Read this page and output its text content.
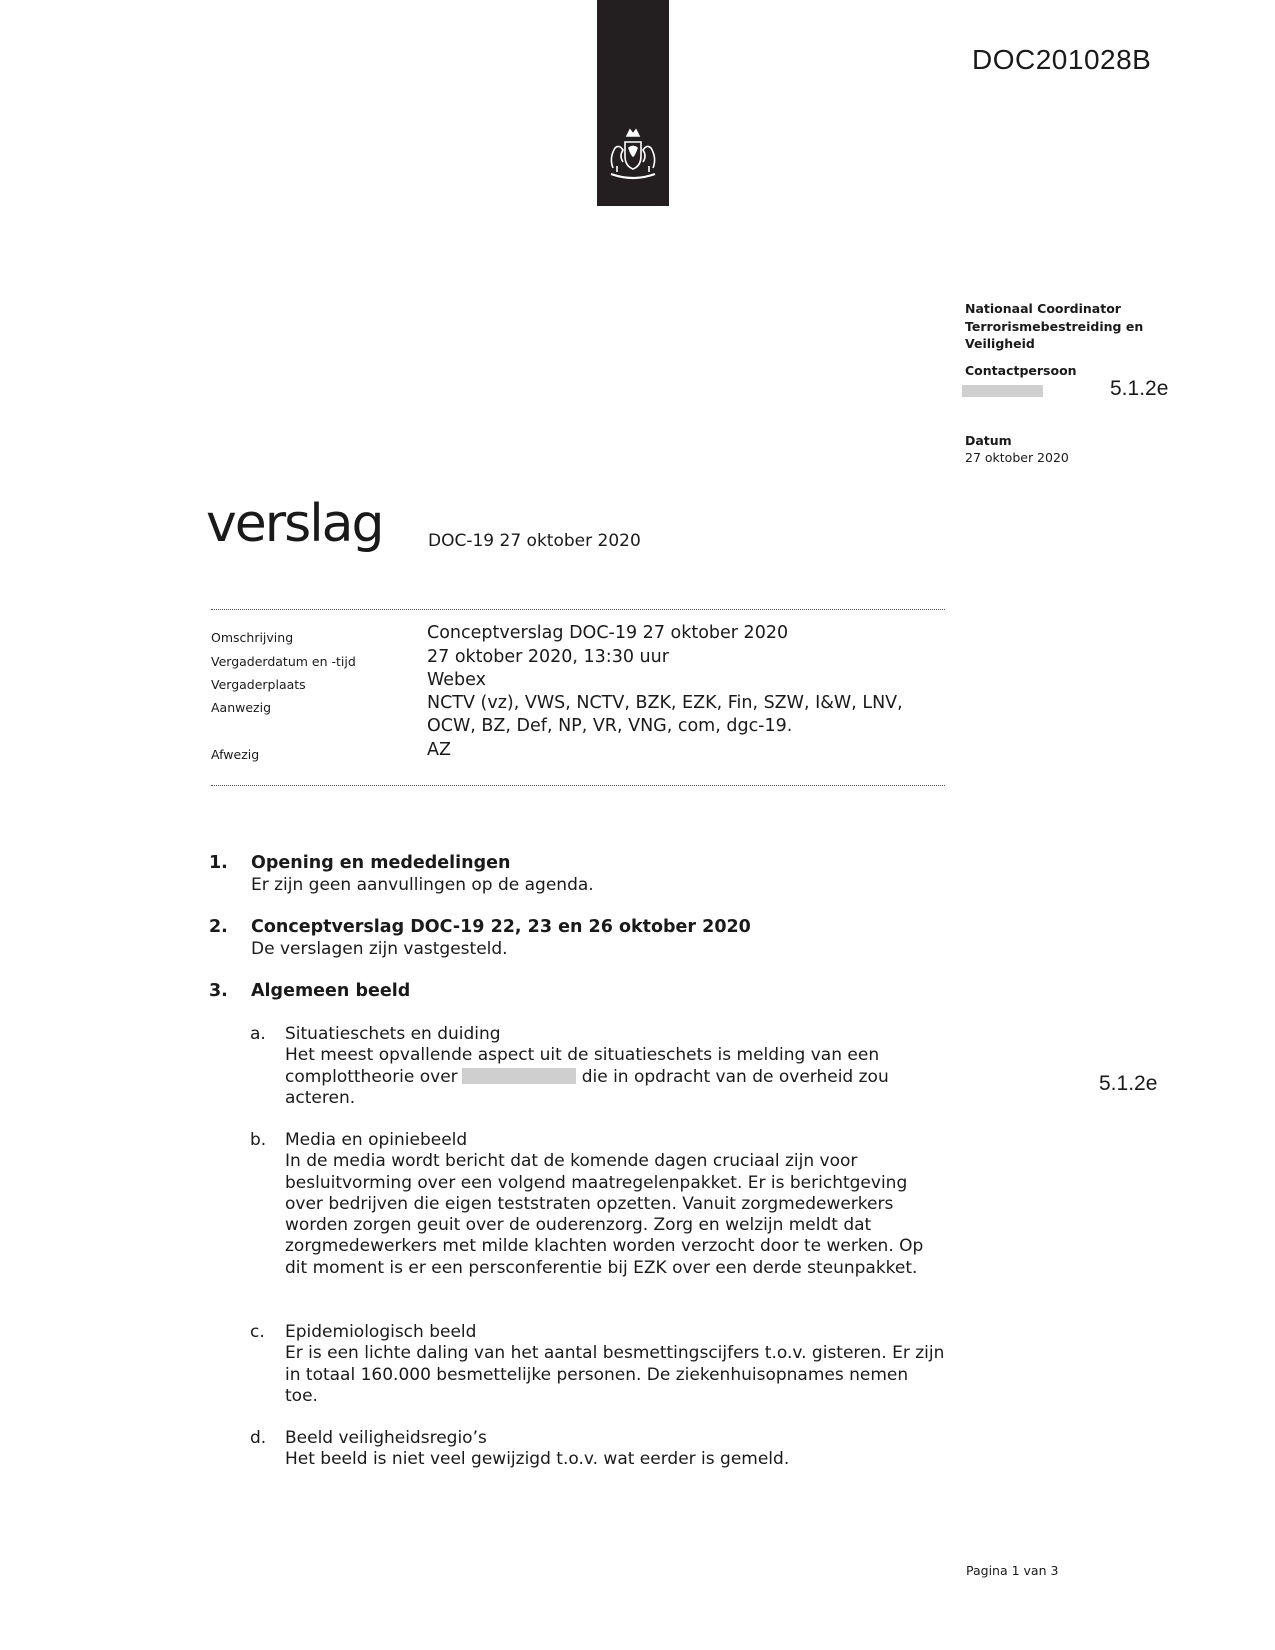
DOC201028B
Nationaal Coordinator Terrorismebestreiding en Veiligheid
Contactpersoon
5.1.2e
Datum
27 oktober 2020
verslag	DOC-19 27 oktober 2020
Omschrijving	Conceptverslag DOC-19 27 oktober 2020
Vergaderdatum en -tijd	27 oktober 2020, 13:30 uur
Vergaderplaats	Webex
Aanwezig	NCTV (vz), VWS, NCTV, BZK, EZK, Fin, SZW, I&W, LNV, OCW, BZ, Def, NP, VR, VNG, com, dgc-19.
Afwezig	AZ
1. Opening en mededelingen
Er zijn geen aanvullingen op de agenda.
2. Conceptverslag DOC-19 22, 23 en 26 oktober 2020
De verslagen zijn vastgesteld.
3. Algemeen beeld
a. Situatieschets en duiding
Het meest opvallende aspect uit de situatieschets is melding van een
complottheorie over	die in opdracht van de overheid zou
acteren.
5.1.2e
b. Media en opiniebeeld
In de media wordt bericht dat de komende dagen cruciaal zijn voor besluitvorming over een volgend maatregelenpakket. Er is berichtgeving over bedrijven die eigen teststraten opzetten. Vanuit zorgmedewerkers worden zorgen geuit over de ouderenzorg. Zorg en welzijn meldt dat zorgmedewerkers met milde klachten worden verzocht door te werken. Op dit moment is er een persconferentie bij EZK over een derde steunpakket.
c. Epidemiologisch beeld
Er is een lichte daling van het aantal besmettingscijfers t.o.v. gisteren. Er zijn in totaal 160.000 besmettelijke personen. De ziekenhuisopnames nemen toe.
d. Beeld veiligheidsregio’s
Het beeld is niet veel gewijzigd t.o.v. wat eerder is gemeld.
Pagina 1 van 3
